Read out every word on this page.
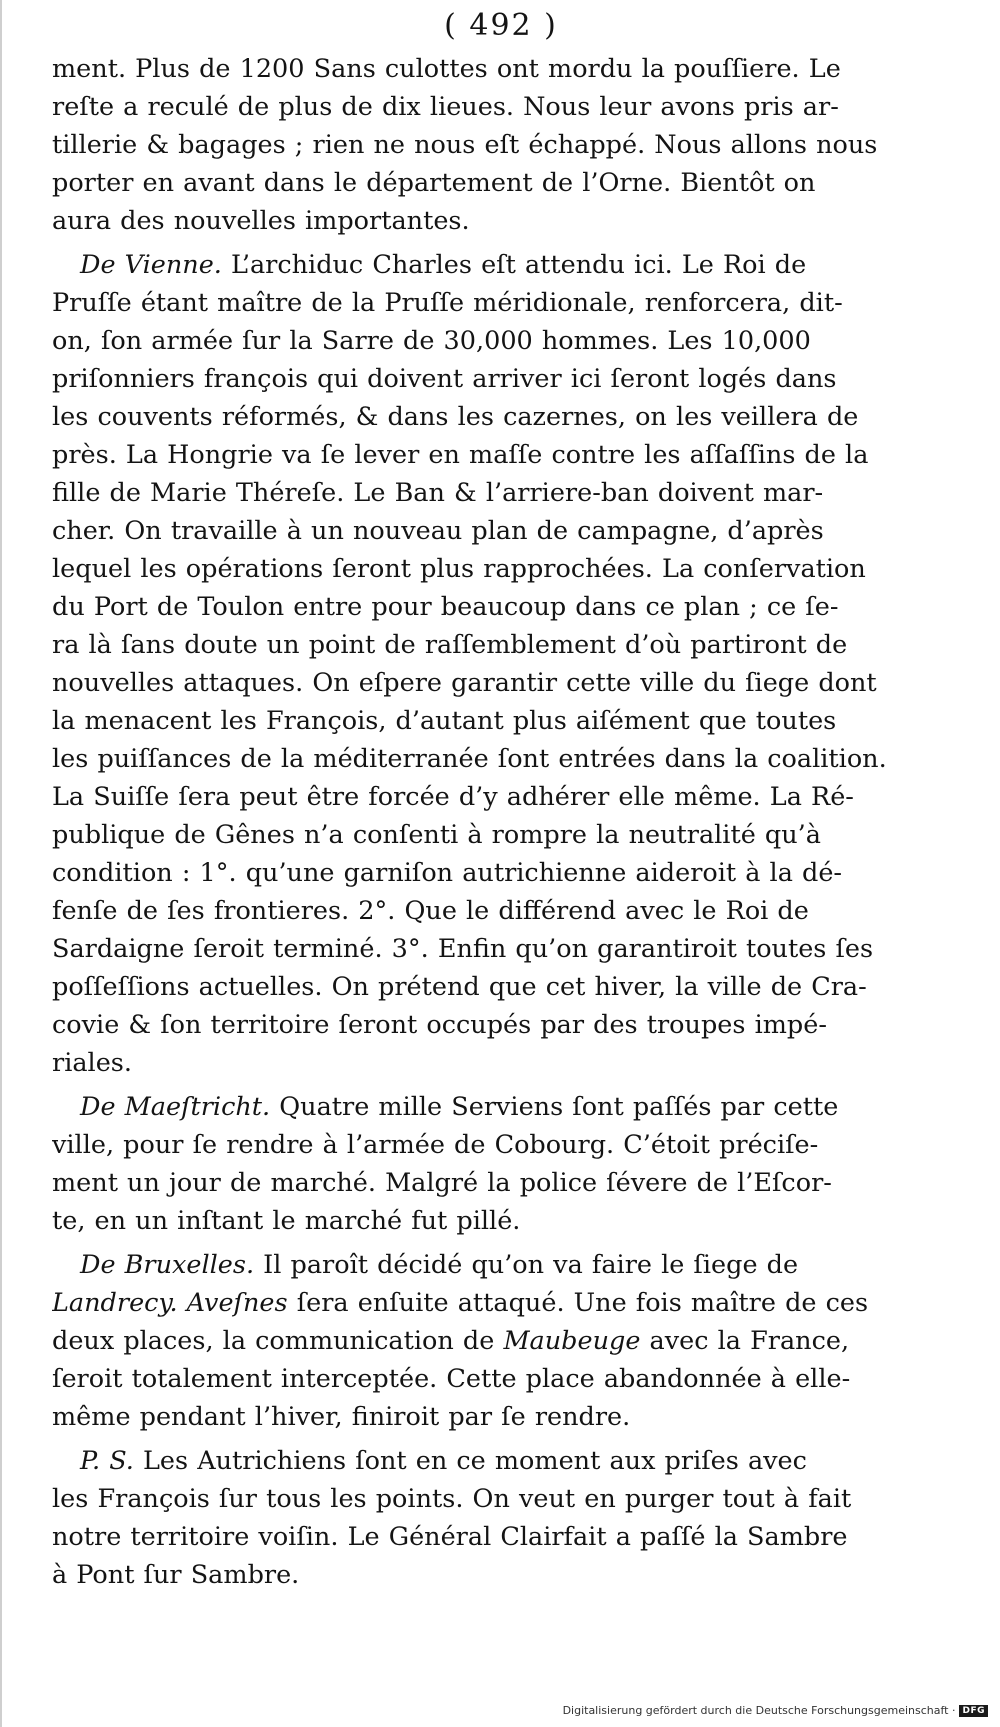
( 492 )
ment. Plus de 1200 Sans culottes ont mordu la pouſſiere. Le
reſte a reculé de plus de dix lieues. Nous leur avons pris ar-
tillerie & bagages ; rien ne nous eſt échappé. Nous allons nous
porter en avant dans le département de l’Orne. Bientôt on
aura des nouvelles importantes.
De Vienne. L’archiduc Charles eſt attendu ici. Le Roi de
Pruſſe étant maître de la Pruſſe méridionale, renforcera, dit-
on, ſon armée ſur la Sarre de 30,000 hommes. Les 10,000
priſonniers françois qui doivent arriver ici ſeront logés dans
les couvents réformés, & dans les cazernes, on les veillera de
près. La Hongrie va ſe lever en maſſe contre les aſſaſſins de la
fille de Marie Théreſe. Le Ban & l’arriere-ban doivent mar-
cher. On travaille à un nouveau plan de campagne, d’après
lequel les opérations ſeront plus rapprochées. La conſervation
du Port de Toulon entre pour beaucoup dans ce plan ; ce ſe-
ra là ſans doute un point de raſſemblement d’où partiront de
nouvelles attaques. On eſpere garantir cette ville du ſiege dont
la menacent les François, d’autant plus aiſément que toutes
les puiſſances de la méditerranée ſont entrées dans la coalition.
La Suiſſe ſera peut être forcée d’y adhérer elle même. La Ré-
publique de Gênes n’a conſenti à rompre la neutralité qu’à
condition : 1°. qu’une garniſon autrichienne aideroit à la dé-
fenſe de ſes frontieres. 2°. Que le différend avec le Roi de
Sardaigne ſeroit terminé. 3°. Enfin qu’on garantiroit toutes ſes
poſſeſſions actuelles. On prétend que cet hiver, la ville de Cra-
covie & ſon territoire ſeront occupés par des troupes impé-
riales.
De Maeſtricht. Quatre mille Serviens ſont paſſés par cette
ville, pour ſe rendre à l’armée de Cobourg. C’étoit préciſe-
ment un jour de marché. Malgré la police ſévere de l’Eſcor-
te, en un inſtant le marché fut pillé.
De Bruxelles. Il paroît décidé qu’on va faire le ſiege de
Landrecy. Aveſnes ſera enſuite attaqué. Une fois maître de ces
deux places, la communication de Maubeuge avec la France,
ſeroit totalement interceptée. Cette place abandonnée à elle-
même pendant l’hiver, finiroit par ſe rendre.
P. S. Les Autrichiens ſont en ce moment aux priſes avec
les François ſur tous les points. On veut en purger tout à fait
notre territoire voiſin. Le Général Clairfait a paſſé la Sambre
à Pont ſur Sambre.
Digitalisierung gefördert durch die Deutsche Forschungsgemeinschaft · DFG
